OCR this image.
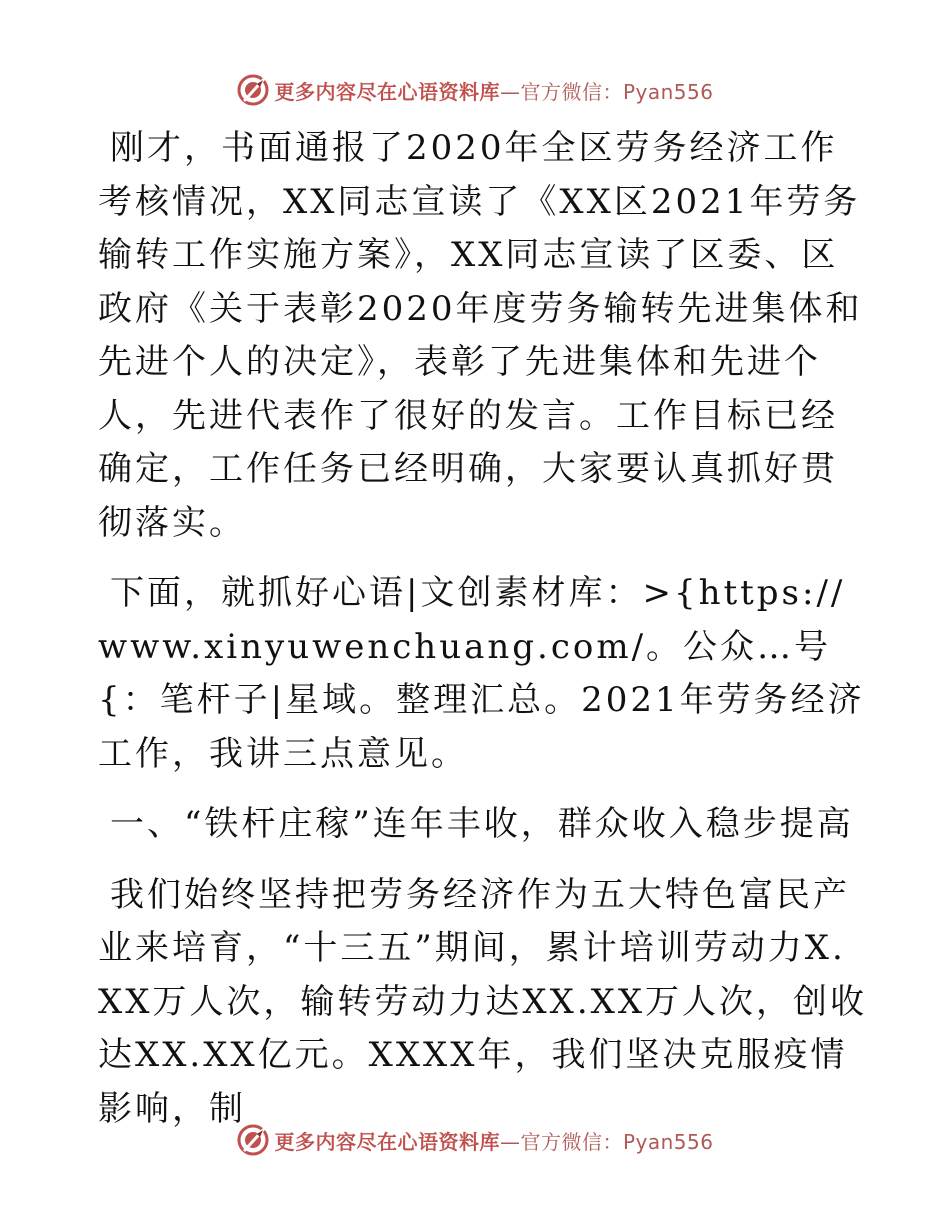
更多内容尽在心语资料库—官方微信：Pyan556

刚才，书面通报了2020年全区劳务经济工作考核情况，XX同志宣读了《XX区2021年劳务输转工作实施方案》，XX同志宣读了区委、区政府《关于表彰2020年度劳务输转先进集体和先进个人的决定》，表彰了先进集体和先进个人，先进代表作了很好的发言。工作目标已经确定，工作任务已经明确，大家要认真抓好贯彻落实。

下面，就抓好心语|文创素材库：>{https://www.xinyuwenchuang.com/。公众…号{：笔杆子|星域。整理汇总。2021年劳务经济工作，我讲三点意见。

一、“铁杆庄稼”连年丰收，群众收入稳步提高

我们始终坚持把劳务经济作为五大特色富民产业来培育，“十三五”期间，累计培训劳动力X.XX万人次，输转劳动力达XX.XX万人次，创收达XX.XX亿元。XXXX年，我们坚决克服疫情影响，制

更多内容尽在心语资料库—官方微信：Pyan556
